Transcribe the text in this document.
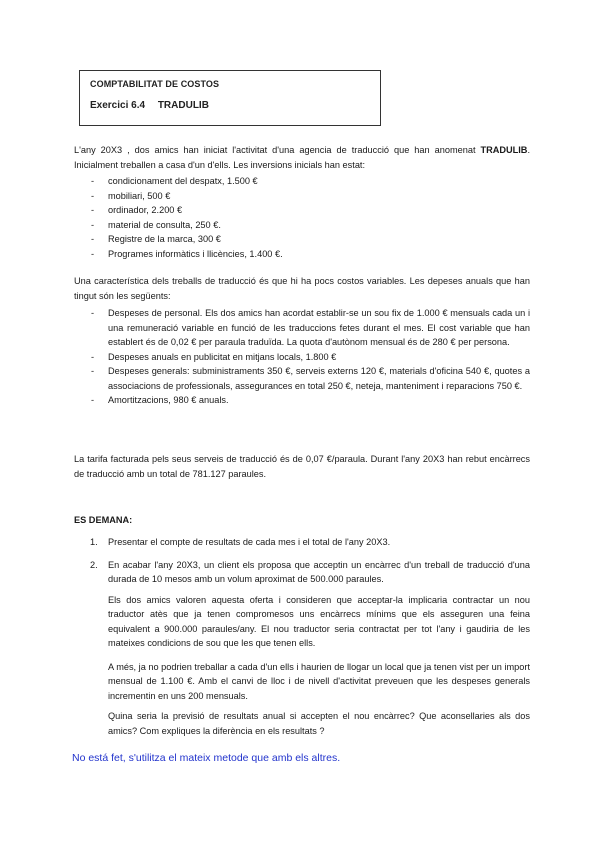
COMPTABILITAT DE COSTOS
Exercici 6.4 TRADULIB
L'any 20X3 , dos amics han iniciat l'activitat d'una agencia de traducció que han anomenat TRADULIB. Inicialment treballen a casa d'un d'ells. Les inversions inicials han estat:
- condicionament del despatx, 1.500 €
- mobiliari, 500 €
- ordinador, 2.200 €
- material de consulta, 250 €.
- Registre de la marca, 300 €
- Programes informàtics i llicències, 1.400 €.
Una característica dels treballs de traducció és que hi ha pocs costos variables. Les depeses anuals que han tingut són les següents:
- Despeses de personal. Els dos amics han acordat establir-se un sou fix de 1.000 € mensuals cada un i una remuneració variable en funció de les traduccions fetes durant el mes. El cost variable que han establert és de 0,02 € per paraula traduïda. La quota d'autònom mensual és de 280 € per persona.
- Despeses anuals en publicitat en mitjans locals, 1.800 €
- Despeses generals: subministraments 350 €, serveis externs 120 €, materials d'oficina 540 €, quotes a associacions de professionals, assegurances en total 250 €, neteja, manteniment i reparacions 750 €.
- Amortitzacions, 980 € anuals.
La tarifa facturada pels seus serveis de traducció és de 0,07 €/paraula. Durant l'any 20X3 han rebut encàrrecs de traducció amb un total de 781.127 paraules.
ES DEMANA:
1. Presentar el compte de resultats de cada mes i el total de l'any 20X3.
2. En acabar l'any 20X3, un client els proposa que acceptin un encàrrec d'un treball de traducció d'una durada de 10 mesos amb un volum aproximat de 500.000 paraules.
Els dos amics valoren aquesta oferta i consideren que acceptar-la implicaria contractar un nou traductor atès que ja tenen compromesos uns encàrrecs mínims que els asseguren una feina equivalent a 900.000 paraules/any. El nou traductor seria contractat per tot l'any i gaudiria de les mateixes condicions de sou que les que tenen ells.
A més, ja no podrien treballar a cada d'un ells i haurien de llogar un local que ja tenen vist per un import mensual de 1.100 €. Amb el canvi de lloc i de nivell d'activitat preveuen que les despeses generals incrementin en uns 200 mensuals.
Quina seria la previsió de resultats anual si accepten el nou encàrrec? Que aconsellaries als dos amics? Com expliques la diferència en els resultats ?
No está fet, s'utilitza el mateix metode que amb els altres.
